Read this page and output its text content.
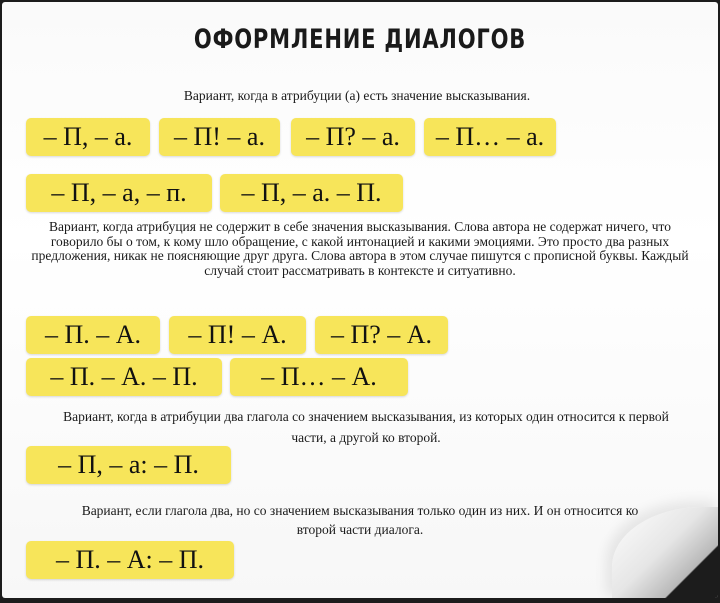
ОФОРМЛЕНИЕ ДИАЛОГОВ
Вариант, когда в атрибуции (а) есть значение высказывания.
– П, – а.	– П! – а.	– П? – а.	– П… – а.
– П, – а, – п.	– П, – а. – П.
Вариант, когда атрибуция не содержит в себе значения высказывания. Слова автора не содержат ничего, что говорило бы о том, к кому шло обращение, с какой интонацией и какими эмоциями. Это просто два разных предложения, никак не поясняющие друг друга. Слова автора в этом случае пишутся с прописной буквы. Каждый случай стоит рассматривать в контексте и ситуативно.
– П. – А.	– П! – А.	– П? – А.
– П. – А. – П.	– П… – А.
Вариант, когда в атрибуции два глагола со значением высказывания, из которых один относится к первой части, а другой ко второй.
– П, – а: – П.
Вариант, если глагола два, но со значением высказывания только один из них. И он относится ко второй части диалога.
– П. – А: – П.
